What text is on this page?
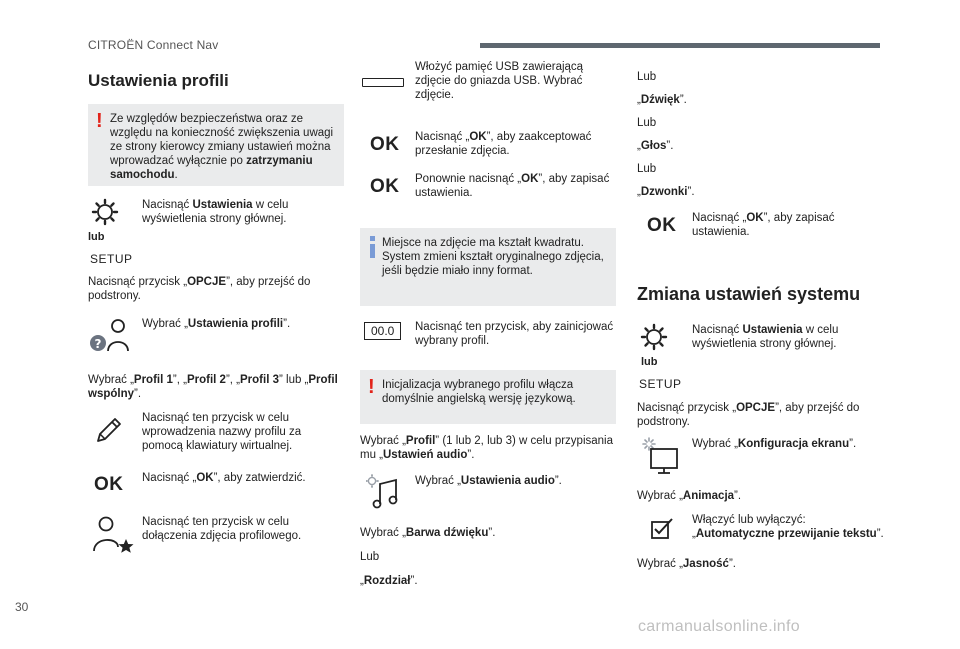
CITROËN Connect Nav
Ustawienia profili
! Ze względów bezpieczeństwa oraz ze względu na konieczność zwiększenia uwagi ze strony kierowcy zmiany ustawień można wprowadzać wyłącznie po zatrzymaniu samochodu.

lub
SETUP
Nacisnąć Ustawienia w celu wyświetlenia strony głównej.

Nacisnąć przycisk „OPCJE”, aby przejść do podstrony.

?
Wybrać „Ustawienia profili”.

Wybrać „Profil 1”, „Profil 2”, „Profil 3” lub „Profil wspólny”.

Nacisnąć ten przycisk w celu wprowadzenia nazwy profilu za pomocą klawiatury wirtualnej.
OK Nacisnąć „OK”, aby zatwierdzić.
Nacisnąć ten przycisk w celu dołączenia zdjęcia profilowego.
Włożyć pamięć USB zawierającą zdjęcie do gniazda USB. Wybrać zdjęcie.
OK Nacisnąć „OK”, aby zaakceptować przesłanie zdjęcia.
OK Ponownie nacisnąć „OK”, aby zapisać ustawienia.

Miejsce na zdjęcie ma kształt kwadratu. System zmieni kształt oryginalnego zdjęcia, jeśli będzie miało inny format.

00.0	Nacisnąć ten przycisk, aby zainicjować wybrany profil.
! Inicjalizacja wybranego profilu włącza domyślnie angielską wersję językową.

Wybrać „Profil” (1 lub 2, lub 3) w celu przypisania mu „Ustawień audio”.

Wybrać „Ustawienia audio”.

Wybrać „Barwa dźwięku”.

Lub

„Rozdział”.

Lub

„Dźwięk”.

Lub

„Głos”.

Lub

„Dzwonki”.

OK Nacisnąć „OK”, aby zapisać ustawienia.
Zmiana ustawień systemu
lub
SETUP
Nacisnąć Ustawienia w celu wyświetlenia strony głównej.

Nacisnąć przycisk „OPCJE”, aby przejść do podstrony.

Wybrać „Konfiguracja ekranu”.

Wybrać „Animacja”.

Włączyć lub wyłączyć:
„Automatyczne przewijanie tekstu”.

Wybrać „Jasność”.

30
carmanualsonline.info
